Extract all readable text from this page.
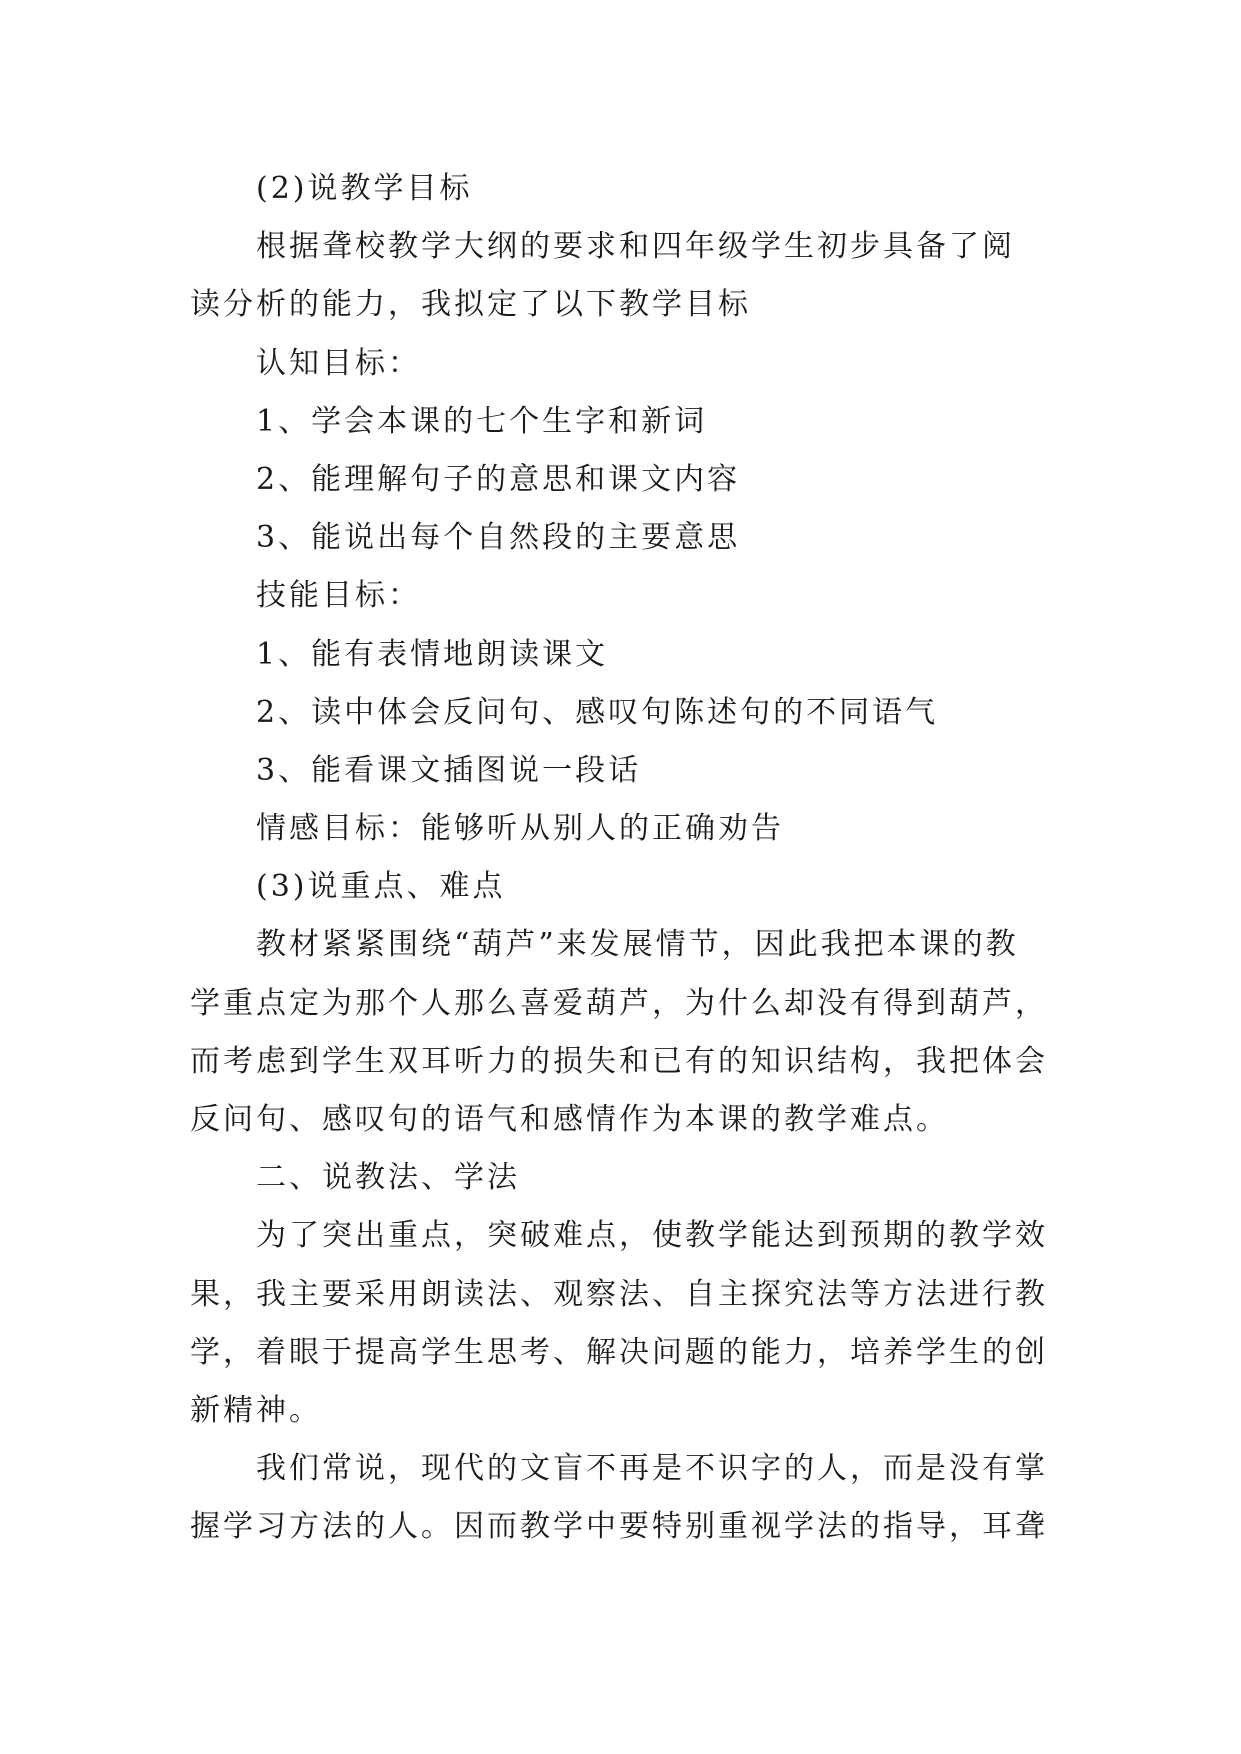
(2)说教学目标

根据聋校教学大纲的要求和四年级学生初步具备了阅

读分析的能力，我拟定了以下教学目标

认知目标：

1、学会本课的七个生字和新词

2、能理解句子的意思和课文内容

3、能说出每个自然段的主要意思

技能目标：

1、能有表情地朗读课文

2、读中体会反问句、感叹句陈述句的不同语气

3、能看课文插图说一段话

情感目标：能够听从别人的正确劝告

(3)说重点、难点

教材紧紧围绕“葫芦”来发展情节，因此我把本课的教

学重点定为那个人那么喜爱葫芦，为什么却没有得到葫芦，

而考虑到学生双耳听力的损失和已有的知识结构，我把体会

反问句、感叹句的语气和感情作为本课的教学难点。

二、说教法、学法

为了突出重点，突破难点，使教学能达到预期的教学效

果，我主要采用朗读法、观察法、自主探究法等方法进行教

学，着眼于提高学生思考、解决问题的能力，培养学生的创

新精神。

我们常说，现代的文盲不再是不识字的人，而是没有掌

握学习方法的人。因而教学中要特别重视学法的指导，耳聋
